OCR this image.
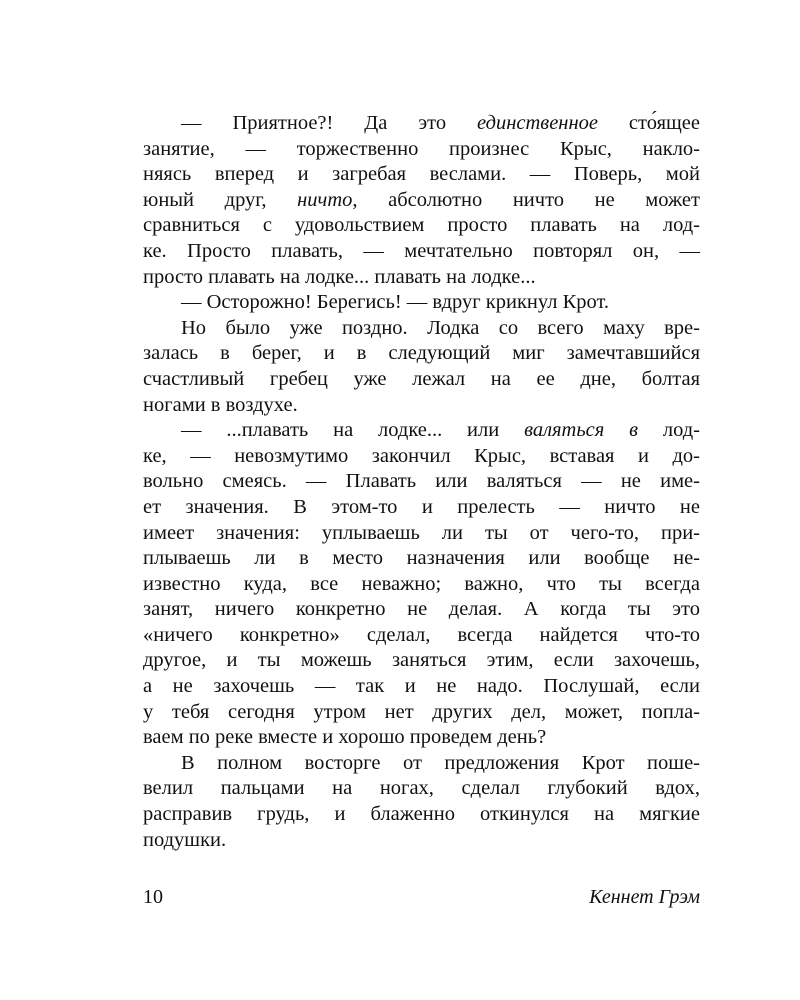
— Приятное?! Да это единственное сто́ящее
занятие, — торжественно произнес Крыс, накло-
няясь вперед и загребая веслами. — Поверь, мой
юный друг, ничто, абсолютно ничто не может
сравниться с удовольствием просто плавать на лод-
ке. Просто плавать, — мечтательно повторял он, —
просто плавать на лодке... плавать на лодке...
— Осторожно! Берегись! — вдруг крикнул Крот.
Но было уже поздно. Лодка со всего маху вре-
залась в берег, и в следующий миг замечтавшийся
счастливый гребец уже лежал на ее дне, болтая
ногами в воздухе.
— ...плавать на лодке... или валяться в лод-
ке, — невозмутимо закончил Крыс, вставая и до-
вольно смеясь. — Плавать или валяться — не име-
ет значения. В этом-то и прелесть — ничто не
имеет значения: уплываешь ли ты от чего-то, при-
плываешь ли в место назначения или вообще не-
известно куда, все неважно; важно, что ты всегда
занят, ничего конкретно не делая. А когда ты это
«ничего конкретно» сделал, всегда найдется что-то
другое, и ты можешь заняться этим, если захочешь,
а не захочешь — так и не надо. Послушай, если
у тебя сегодня утром нет других дел, может, попла-
ваем по реке вместе и хорошо проведем день?
В полном восторге от предложения Крот поше-
велил пальцами на ногах, сделал глубокий вдох,
расправив грудь, и блаженно откинулся на мягкие
подушки.
10	Кеннет Грэм
